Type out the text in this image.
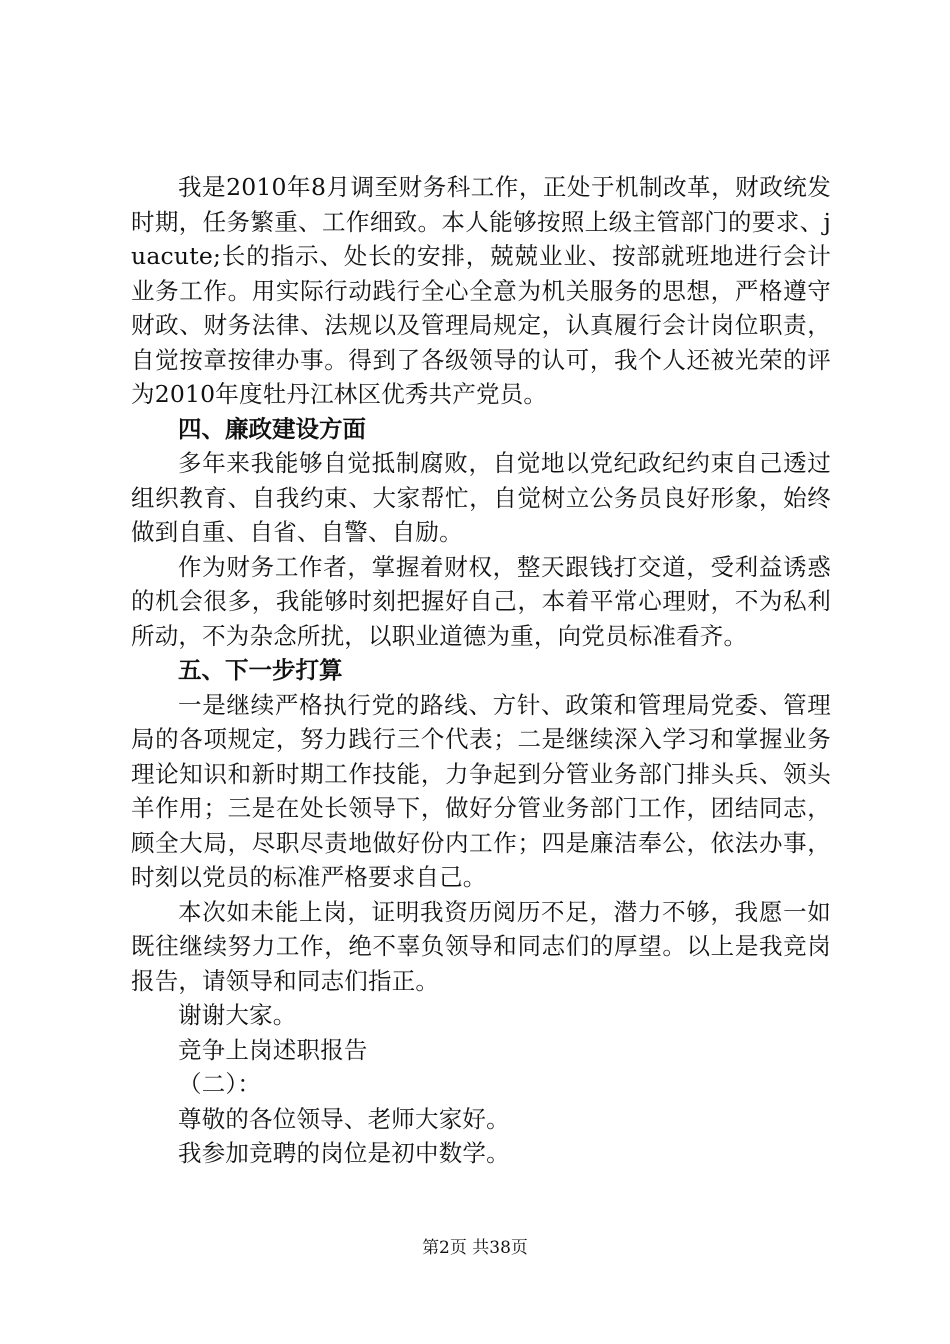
我是2010年8月调至财务科工作，正处于机制改革，财政统发时期，任务繁重、工作细致。本人能够按照上级主管部门的要求、juacute;长的指示、处长的安排，兢兢业业、按部就班地进行会计业务工作。用实际行动践行全心全意为机关服务的思想，严格遵守财政、财务法律、法规以及管理局规定，认真履行会计岗位职责，自觉按章按律办事。得到了各级领导的认可，我个人还被光荣的评为2010年度牡丹江林区优秀共产党员。

四、廉政建设方面

多年来我能够自觉抵制腐败，自觉地以党纪政纪约束自己透过组织教育、自我约束、大家帮忙，自觉树立公务员良好形象，始终做到自重、自省、自警、自励。

作为财务工作者，掌握着财权，整天跟钱打交道，受利益诱惑的机会很多，我能够时刻把握好自己，本着平常心理财，不为私利所动，不为杂念所扰，以职业道德为重，向党员标准看齐。

五、下一步打算

一是继续严格执行党的路线、方针、政策和管理局党委、管理局的各项规定，努力践行三个代表；二是继续深入学习和掌握业务理论知识和新时期工作技能，力争起到分管业务部门排头兵、领头羊作用；三是在处长领导下，做好分管业务部门工作，团结同志，顾全大局，尽职尽责地做好份内工作；四是廉洁奉公，依法办事，时刻以党员的标准严格要求自己。

本次如未能上岗，证明我资历阅历不足，潜力不够，我愿一如既往继续努力工作，绝不辜负领导和同志们的厚望。以上是我竞岗报告，请领导和同志们指正。

谢谢大家。

竞争上岗述职报告

（二）：

尊敬的各位领导、老师大家好。

我参加竞聘的岗位是初中数学。

第2页 共38页
